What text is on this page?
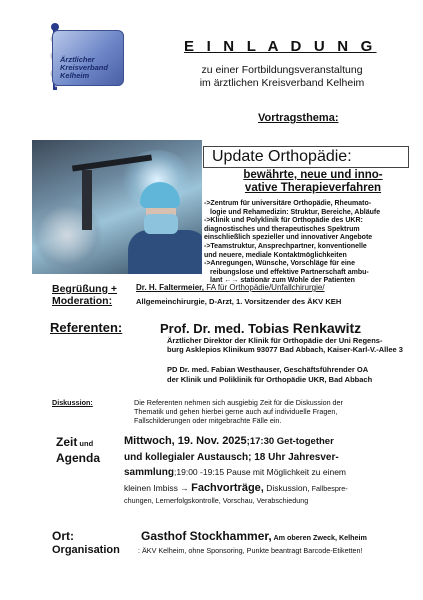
Ärztlicher
Kreisverband
Kelheim
E I N L A D U N G
zu einer Fortbildungsveranstaltung
im ärztlichen Kreisverband Kelheim
Vortragsthema:
Update Orthopädie:
bewährte, neue und inno-
vative Therapieverfahren
->Zentrum für universitäre Orthopädie, Rheumato-
logie und Rehamedizin: Struktur, Bereiche, Abläufe
->Klinik und Polyklinik für Orthopädie des UKR:
diagnostisches und therapeutisches Spektrum
einschließlich spezieller und innovativer Angebote
->Teamstruktur, Ansprechpartner, konventionelle
und neuere, mediale Kontaktmöglichkeiten
->Anregungen, Wünsche, Vorschläge für eine
reibungslose und effektive Partnerschaft ambu-
lant ←→ stationär zum Wohle der Patienten
Begrüßung +
Moderation:
Dr. H. Faltermeier, FA für Orthopädie/Unfallchirurgie/
Allgemeinchirurgie, D-Arzt, 1. Vorsitzender des ÄKV KEH
Referenten:	Prof. Dr. med. Tobias Renkawitz
Ärztlicher Direktor der Klinik für Orthopädie der Uni Regens-
burg Asklepios Klinikum 93077 Bad Abbach, Kaiser-Karl-V.-Allee 3
PD Dr. med. Fabian Westhauser, Geschäftsführender OA
der Klinik und Poliklinik für Orthopädie UKR, Bad Abbach
Diskussion:	Die Referenten nehmen sich ausgiebig Zeit für die Diskussion der
Thematik und gehen hierbei gerne auch auf individuelle Fragen,
Fallschilderungen oder mitgebrachte Fälle ein.
Zeit und
Agenda
Mittwoch, 19. Nov. 2025;17:30 Get-together
und kollegialer Austausch; 18 Uhr Jahresver-
sammlung;19:00 -19:15 Pause mit Möglichkeit zu einem
kleinen Imbiss → Fachvorträge, Diskussion, Fallbespre-
chungen, Lernerfolgskontrolle, Vorschau, Verabschiedung
Ort:	Gasthof Stockhammer, Am oberen Zweck, Kelheim
Organisation	: ÄKV Kelheim, ohne Sponsoring, Punkte beantragt Barcode-Etiketten!
